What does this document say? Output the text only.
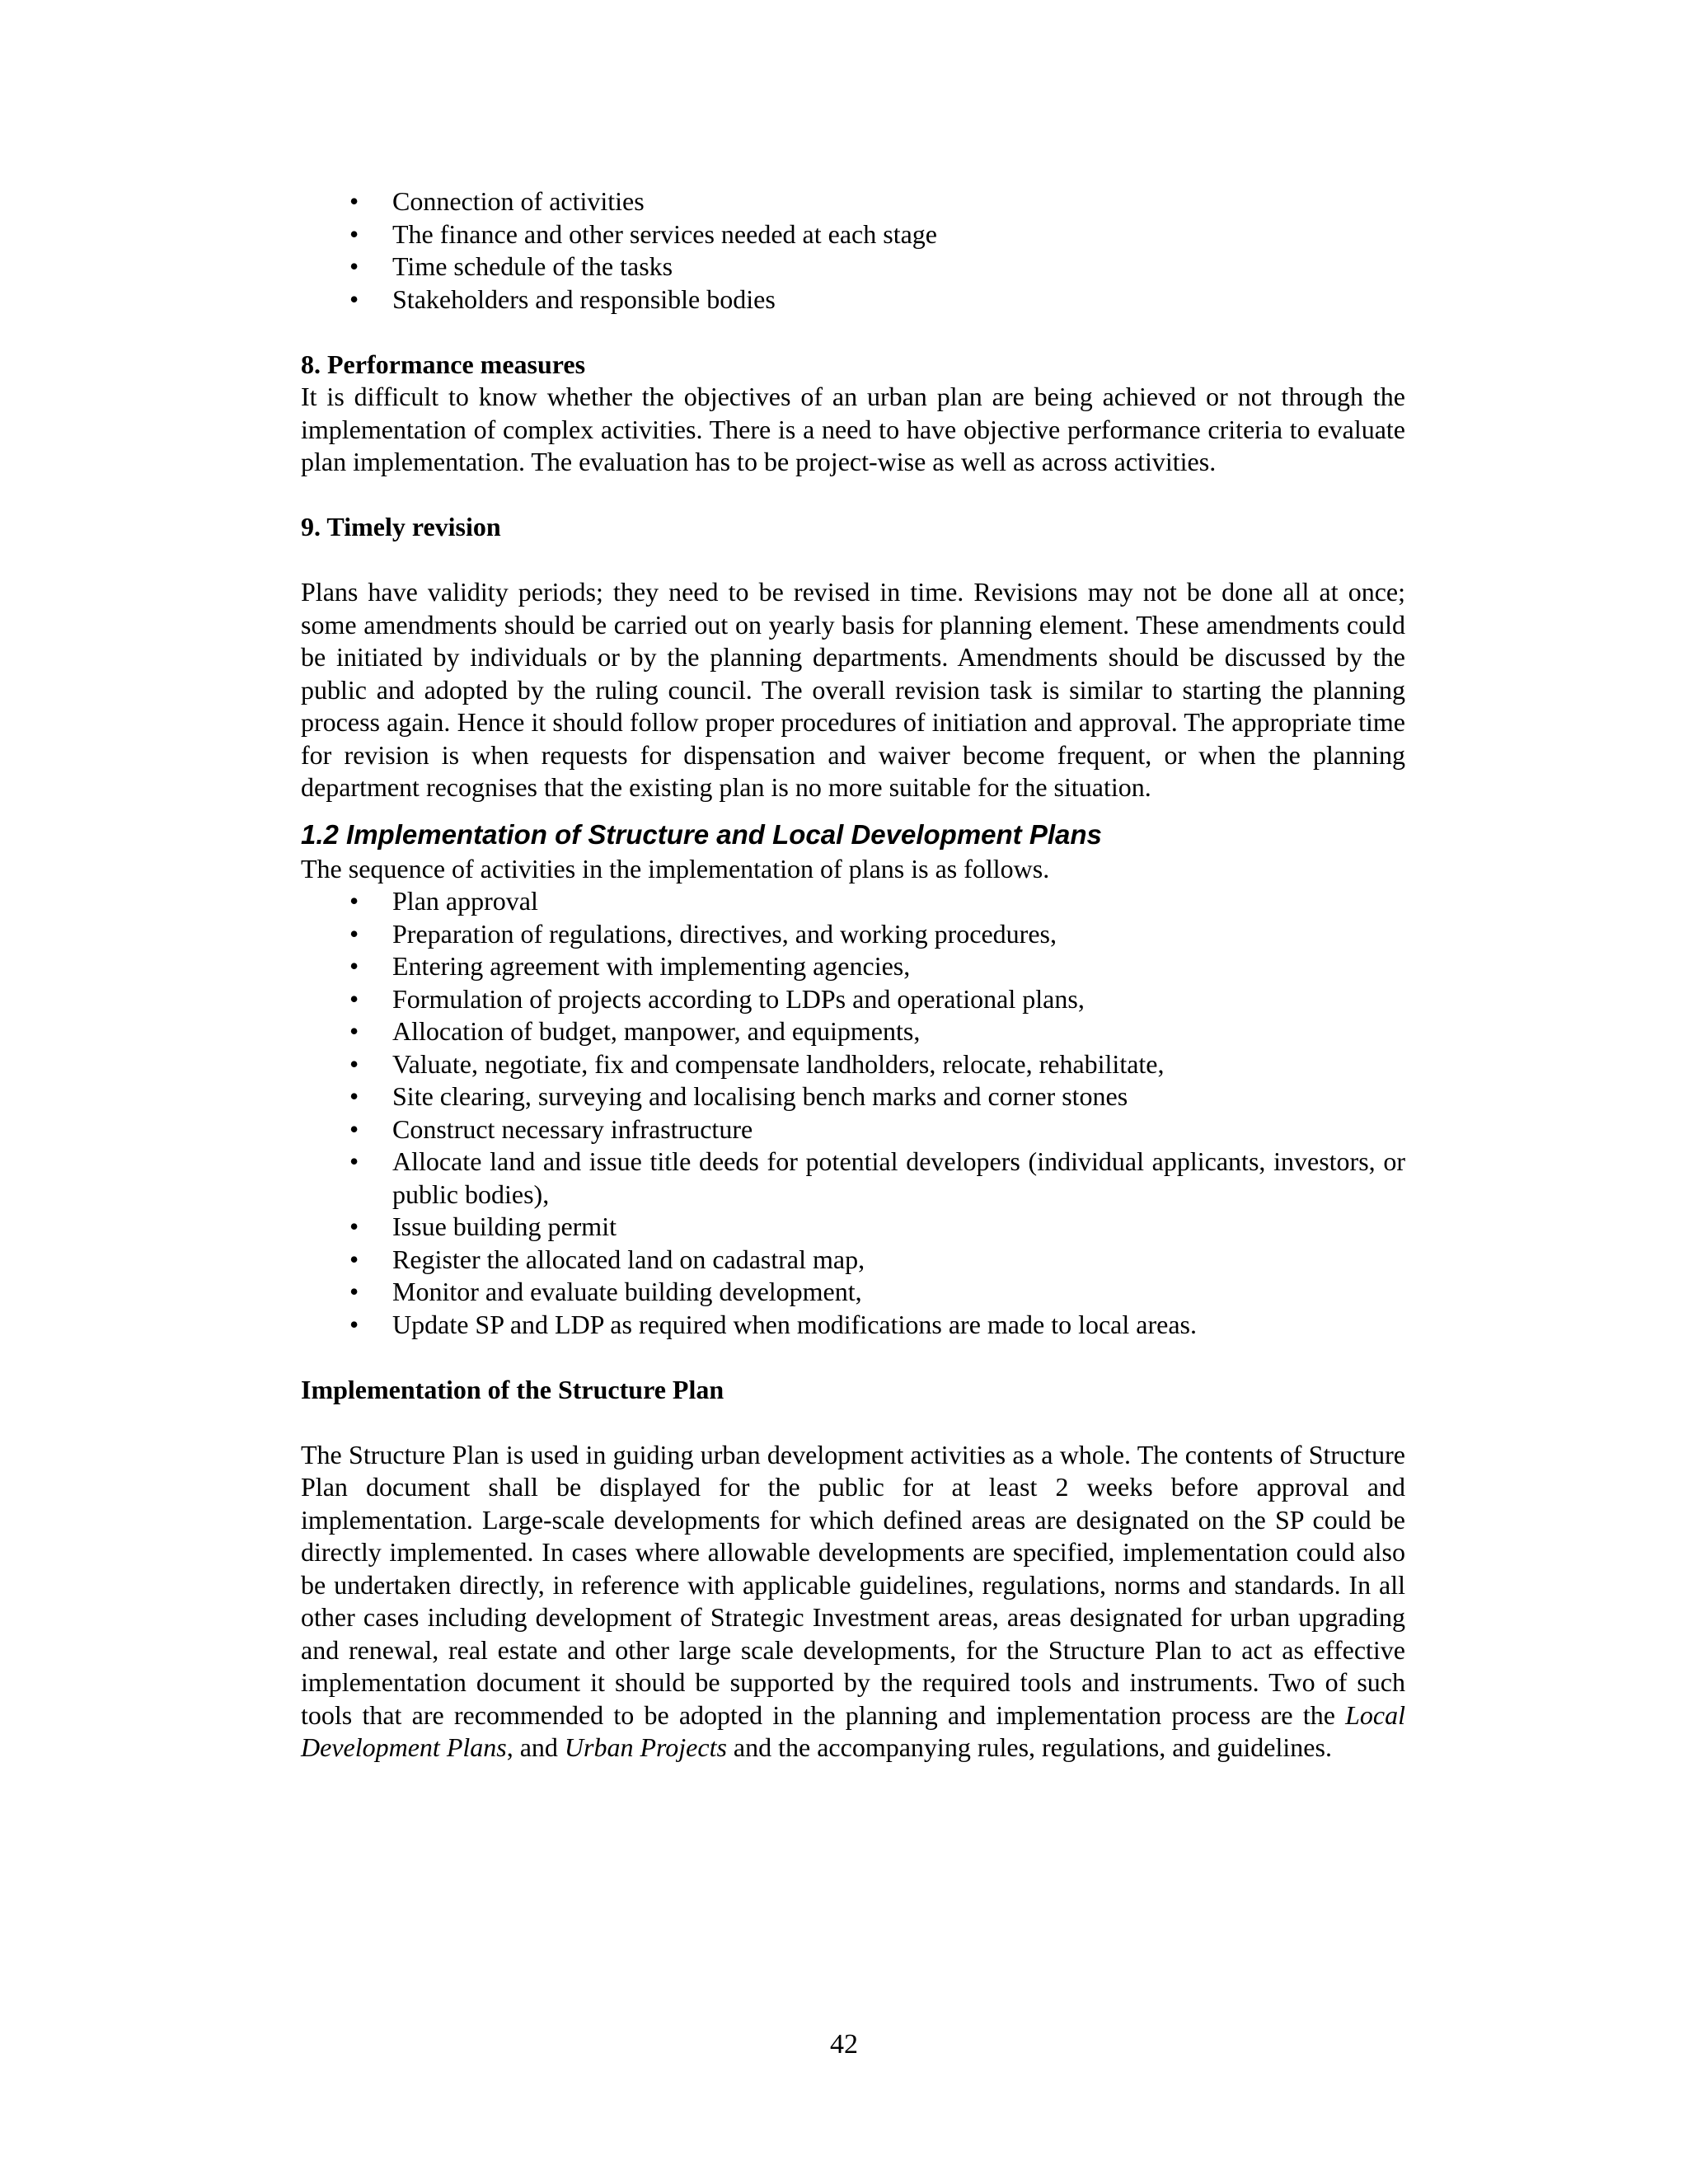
• Connection of activities
• The finance and other services needed at each stage
• Time schedule of the tasks
• Stakeholders and responsible bodies

8. Performance measures

It is difficult to know whether the objectives of an urban plan are being achieved or not through the implementation of complex activities. There is a need to have objective performance criteria to evaluate plan implementation. The evaluation has to be project-wise as well as across activities.

9. Timely revision

Plans have validity periods; they need to be revised in time. Revisions may not be done all at once; some amendments should be carried out on yearly basis for planning element. These amendments could be initiated by individuals or by the planning departments. Amendments should be discussed by the public and adopted by the ruling council. The overall revision task is similar to starting the planning process again. Hence it should follow proper procedures of initiation and approval. The appropriate time for revision is when requests for dispensation and waiver become frequent, or when the planning department recognises that the existing plan is no more suitable for the situation.

1.2 Implementation of Structure and Local Development Plans

The sequence of activities in the implementation of plans is as follows.

• Plan approval
• Preparation of regulations, directives, and working procedures,
• Entering agreement with implementing agencies,
• Formulation of projects according to LDPs and operational plans,
• Allocation of budget, manpower, and equipments,
• Valuate, negotiate, fix and compensate landholders, relocate, rehabilitate,
• Site clearing, surveying and localising bench marks and corner stones
• Construct necessary infrastructure
• Allocate land and issue title deeds for potential developers (individual applicants, investors, or public bodies),
• Issue building permit
• Register the allocated land on cadastral map,
• Monitor and evaluate building development,
• Update SP and LDP as required when modifications are made to local areas.

Implementation of the Structure Plan

The Structure Plan is used in guiding urban development activities as a whole. The contents of Structure Plan document shall be displayed for the public for at least 2 weeks before approval and implementation. Large-scale developments for which defined areas are designated on the SP could be directly implemented. In cases where allowable developments are specified, implementation could also be undertaken directly, in reference with applicable guidelines, regulations, norms and standards. In all other cases including development of Strategic Investment areas, areas designated for urban upgrading and renewal, real estate and other large scale developments, for the Structure Plan to act as effective implementation document it should be supported by the required tools and instruments. Two of such tools that are recommended to be adopted in the planning and implementation process are the Local Development Plans, and Urban Projects and the accompanying rules, regulations, and guidelines.

42
